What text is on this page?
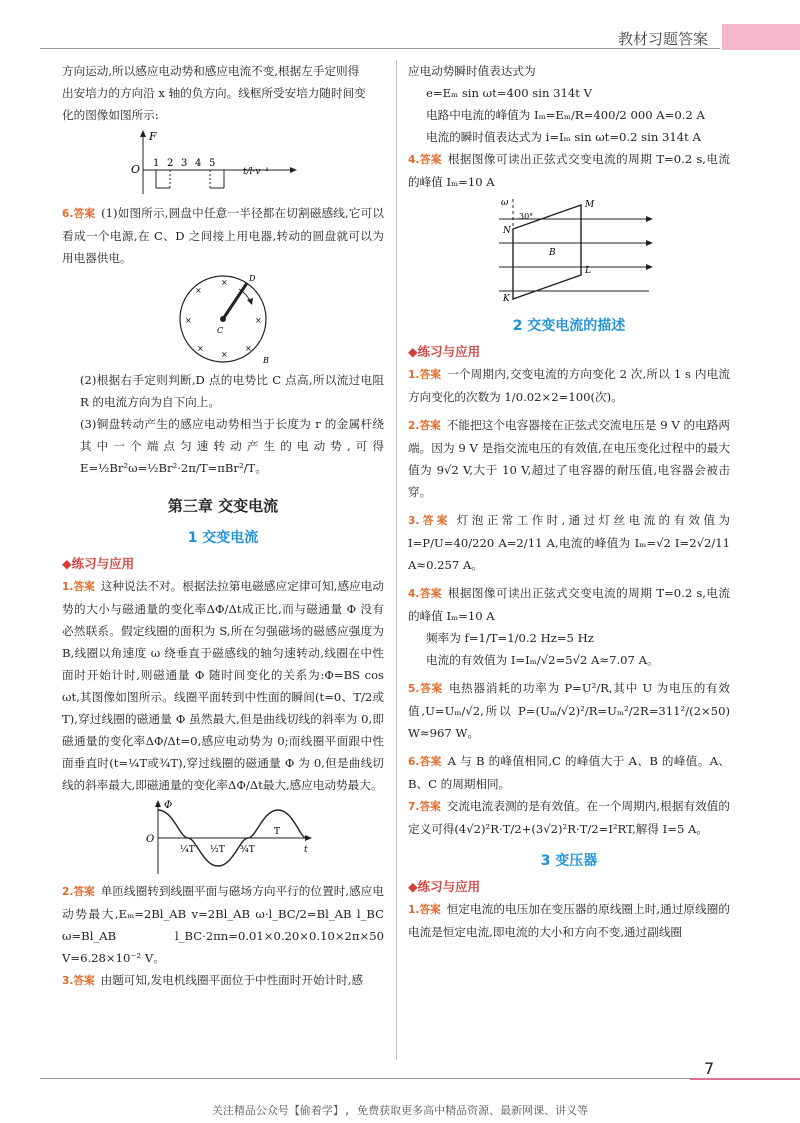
教材习题答案

方向运动,所以感应电动势和感应电流不变,根据左手定则得

出安培力的方向沿 x 轴的负方向。线框所受安培力随时间变

化的图像如图所示:

F
O 1 2 3 4 5
t/l·v⁻¹

6.答案 (1)如图所示,圆盘中任意一半径都在切割磁感线,它可以看成一个电源,在 C、D 之间接上用电器,转动的圆盘就可以为用电器供电。

D
C
B
×
×
×	×
×
×
×

(2)根据右手定则判断,D 点的电势比 C 点高,所以流过电阻 R 的电流方向为自下向上。

(3)铜盘转动产生的感应电动势相当于长度为 r 的金属杆绕其中一个端点匀速转动产生的电动势,可得 E=½Br²ω=½Br²·2π/T=πBr²/T。

第三章 交变电流
1 交变电流
◆练习与应用

1.答案 这种说法不对。根据法拉第电磁感应定律可知,感应电动势的大小与磁通量的变化率ΔΦ/Δt成正比,而与磁通量 Φ 没有必然联系。假定线圈的面积为 S,所在匀强磁场的磁感应强度为 B,线圈以角速度 ω 绕垂直于磁感线的轴匀速转动,线圈在中性面时开始计时,则磁通量 Φ 随时间变化的关系为:Φ=BS cos ωt,其图像如图所示。线圈平面转到中性面的瞬间(t=0、T/2或 T),穿过线圈的磁通量 Φ 虽然最大,但是曲线切线的斜率为 0,即磁通量的变化率ΔΦ/Δt=0,感应电动势为 0;而线圈平面跟中性面垂直时(t=¼T或¾T),穿过线圈的磁通量 Φ 为 0,但是曲线切线的斜率最大,即磁通量的变化率ΔΦ/Δt最大,感应电动势最大。

Φ
O
¼T ½T ¾T
T
t

2.答案 单匝线圈转到线圈平面与磁场方向平行的位置时,感应电动势最大,Eₘ=2Bl_AB v=2Bl_AB ω·l_BC/2=Bl_AB l_BC ω=Bl_AB l_BC·2πn=0.01×0.20×0.10×2π×50 V=6.28×10⁻² V。

3.答案 由题可知,发电机线圈平面位于中性面时开始计时,感

应电动势瞬时值表达式为

e=Eₘ sin ωt=400 sin 314t V

电路中电流的峰值为 Iₘ=Eₘ/R=400/2 000 A=0.2 A

电流的瞬时值表达式为 i=Iₘ sin ωt=0.2 sin 314t A

4.答案 根据图像可读出正弦式交变电流的周期 T=0.2 s,电流的峰值 Iₘ=10 A

ω
30°
M
N
B
L
K
2 交变电流的描述
◆练习与应用

1.答案 一个周期内,交变电流的方向变化 2 次,所以 1 s 内电流方向变化的次数为 1/0.02×2=100(次)。

2.答案 不能把这个电容器接在正弦式交流电压是 9 V 的电路两端。因为 9 V 是指交流电压的有效值,在电压变化过程中的最大值为 9√2 V,大于 10 V,超过了电容器的耐压值,电容器会被击穿。

3.答案 灯泡正常工作时,通过灯丝电流的有效值为 I=P/U=40/220 A=2/11 A,电流的峰值为 Iₘ=√2 I=2√2/11 A≈0.257 A。

4.答案 根据图像可读出正弦式交变电流的周期 T=0.2 s,电流的峰值 Iₘ=10 A

频率为 f=1/T=1/0.2 Hz=5 Hz

电流的有效值为 I=Iₘ/√2=5√2 A≈7.07 A。

5.答案 电热器消耗的功率为 P=U²/R,其中 U 为电压的有效值,U=Uₘ/√2,所以 P=(Uₘ/√2)²/R=Uₘ²/2R=311²/(2×50) W≈967 W。

6.答案 A 与 B 的峰值相同,C 的峰值大于 A、B 的峰值。A、B、C 的周期相同。

7.答案 交流电流表测的是有效值。在一个周期内,根据有效值的定义可得(4√2)²R·T/2+(3√2)²R·T/2=I²RT,解得 I=5 A。

3 变压器
◆练习与应用

1.答案 恒定电流的电压加在变压器的原线圈上时,通过原线圈的电流是恒定电流,即电流的大小和方向不变,通过副线圈

7
关注精品公众号【偷着学】, 免费获取更多高中精品资源、最新网课、讲义等
